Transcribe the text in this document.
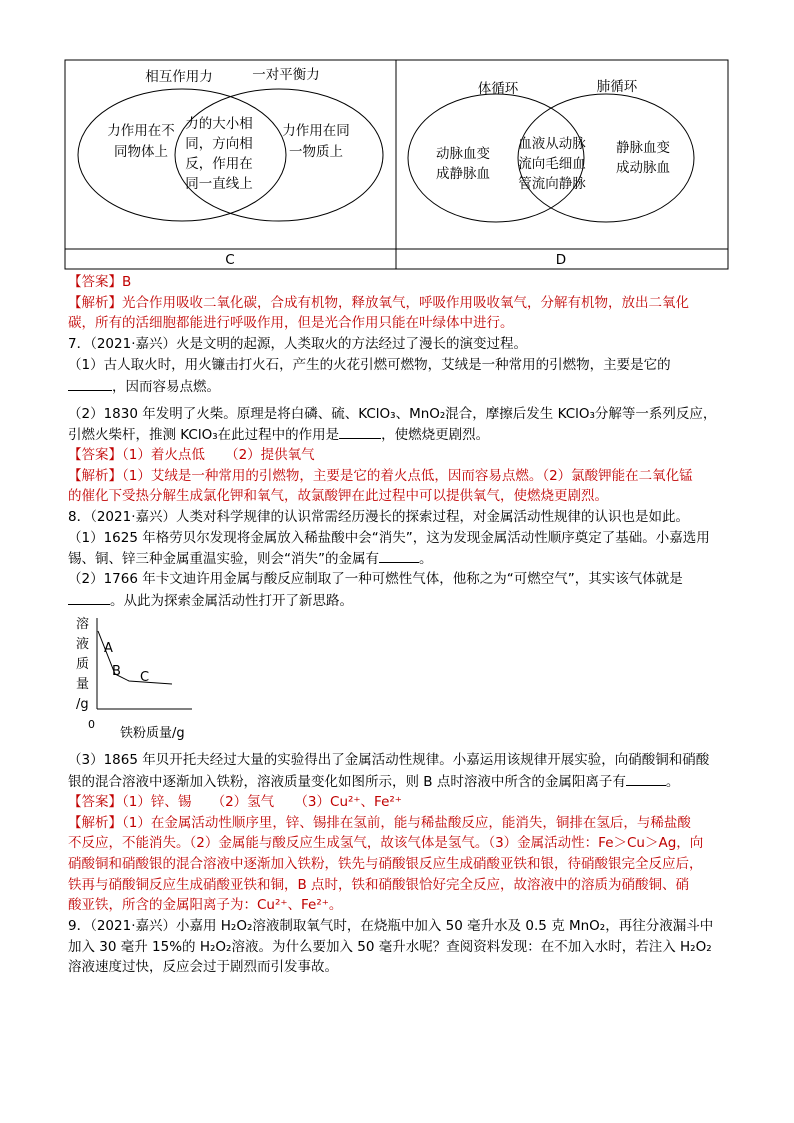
相互作用力	一对平衡力
力作用在不
同物体上
力的大小相
同，方向相
反，作用在
同一直线上
力作用在同
一物质上
C
体循环	肺循环
动脉血变
成静脉血
血液从动脉
流向毛细血
管流向静脉
静脉血变
成动脉血
D
【答案】B
【解析】光合作用吸收二氧化碳，合成有机物，释放氧气，呼吸作用吸收氧气，分解有机物，放出二氧化
碳，所有的活细胞都能进行呼吸作用，但是光合作用只能在叶绿体中进行。
7．（2021·嘉兴）火是文明的起源，人类取火的方法经过了漫长的演变过程。
（1）古人取火时，用火镰击打火石，产生的火花引燃可燃物，艾绒是一种常用的引燃物，主要是它的
，因而容易点燃。
（2）1830 年发明了火柴。原理是将白磷、硫、KClO₃、MnO₂混合，摩擦后发生 KClO₃分解等一系列反应，
引燃火柴杆，推测 KClO₃在此过程中的作用是	，使燃烧更剧烈。
【答案】（1）着火点低　　（2）提供氧气
【解析】（1）艾绒是一种常用的引燃物，主要是它的着火点低，因而容易点燃。（2）氯酸钾能在二氧化锰
的催化下受热分解生成氯化钾和氧气，故氯酸钾在此过程中可以提供氧气，使燃烧更剧烈。
8．（2021·嘉兴）人类对科学规律的认识常需经历漫长的探索过程，对金属活动性规律的认识也是如此。
（1）1625 年格劳贝尔发现将金属放入稀盐酸中会“消失”，这为发现金属活动性顺序奠定了基础。小嘉选用
锡、铜、锌三种金属重温实验，则会“消失”的金属有	。
（2）1766 年卡文迪许用金属与酸反应制取了一种可燃性气体，他称之为“可燃空气”，其实该气体就是
。从此为探索金属活动性打开了新思路。
溶
液
质
量
/g
A
B C
0
铁粉质量/g
（3）1865 年贝开托夫经过大量的实验得出了金属活动性规律。小嘉运用该规律开展实验，向硝酸铜和硝酸
银的混合溶液中逐渐加入铁粉，溶液质量变化如图所示，则 B 点时溶液中所含的金属阳离子有	。
【答案】（1）锌、锡　　（2）氢气　　（3）Cu²⁺、Fe²⁺
【解析】（1）在金属活动性顺序里，锌、锡排在氢前，能与稀盐酸反应，能消失，铜排在氢后，与稀盐酸
不反应，不能消失。（2）金属能与酸反应生成氢气，故该气体是氢气。（3）金属活动性：Fe＞Cu＞Ag，向
硝酸铜和硝酸银的混合溶液中逐渐加入铁粉，铁先与硝酸银反应生成硝酸亚铁和银，待硝酸银完全反应后，
铁再与硝酸铜反应生成硝酸亚铁和铜，B 点时，铁和硝酸银恰好完全反应，故溶液中的溶质为硝酸铜、硝
酸亚铁，所含的金属阳离子为：Cu²⁺、Fe²⁺。
9．（2021·嘉兴）小嘉用 H₂O₂溶液制取氧气时，在烧瓶中加入 50 毫升水及 0.5 克 MnO₂，再往分液漏斗中
加入 30 毫升 15%的 H₂O₂溶液。为什么要加入 50 毫升水呢？查阅资料发现：在不加入水时，若注入 H₂O₂
溶液速度过快，反应会过于剧烈而引发事故。
